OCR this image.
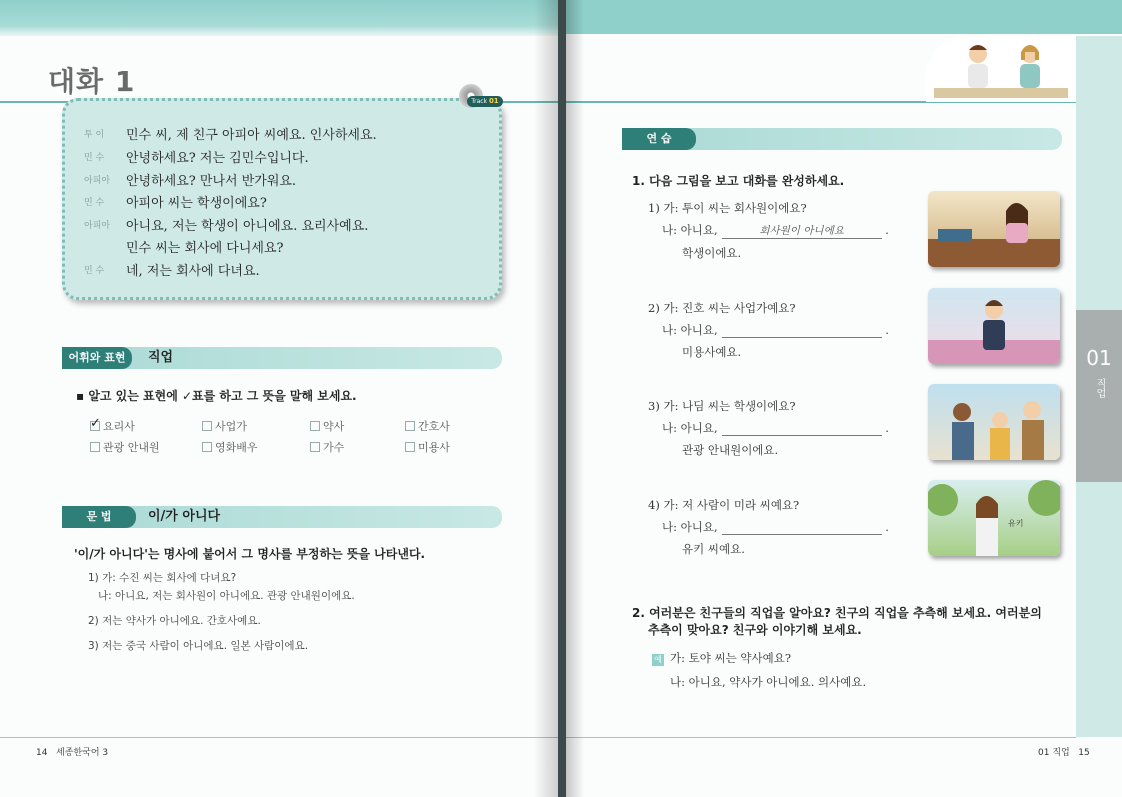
대화 1
Track 01
투 이	민수 씨, 제 친구 아피아 씨예요. 인사하세요.
민 수	안녕하세요? 저는 김민수입니다.
아피아	안녕하세요? 만나서 반가워요.
민 수	아피아 씨는 학생이에요?
아피아	아니요, 저는 학생이 아니에요. 요리사예요.
민수 씨는 회사에 다니세요?
민 수	네, 저는 회사에 다녀요.
어휘와 표현	직업
▪ 알고 있는 표현에 ✓표를 하고 그 뜻을 말해 보세요.
✓
요리사	사업가	약사	간호사
관광 안내원	영화배우	가수	미용사
문 법	이/가 아니다
'이/가 아니다'는 명사에 붙어서 그 명사를 부정하는 뜻을 나타낸다.
1) 가: 수진 씨는 회사에 다녀요?
나: 아니요, 저는 회사원이 아니에요. 관광 안내원이에요.
2) 저는 약사가 아니에요. 간호사예요.
3) 저는 중국 사람이 아니에요. 일본 사람이에요.
14 세종한국어 3
01
직업
연 습
1. 다음 그림을 보고 대화를 완성하세요.
1) 가: 투이 씨는 회사원이에요?
나: 아니요,	회사원이 아니에요	.
학생이에요.
2) 가: 진호 씨는 사업가예요?
나: 아니요,	.
미용사예요.
3) 가: 나딤 씨는 학생이에요?
나: 아니요,	.
관광 안내원이에요.
4) 가: 저 사람이 미라 씨예요?
나: 아니요,	.
유키 씨예요.
유키
2. 여러분은 친구들의 직업을 알아요? 친구의 직업을 추측해 보세요. 여러분의
추측이 맞아요? 친구와 이야기해 보세요.
예 가: 토야 씨는 약사예요?
나: 아니요, 약사가 아니에요. 의사예요.
01 직업 15
